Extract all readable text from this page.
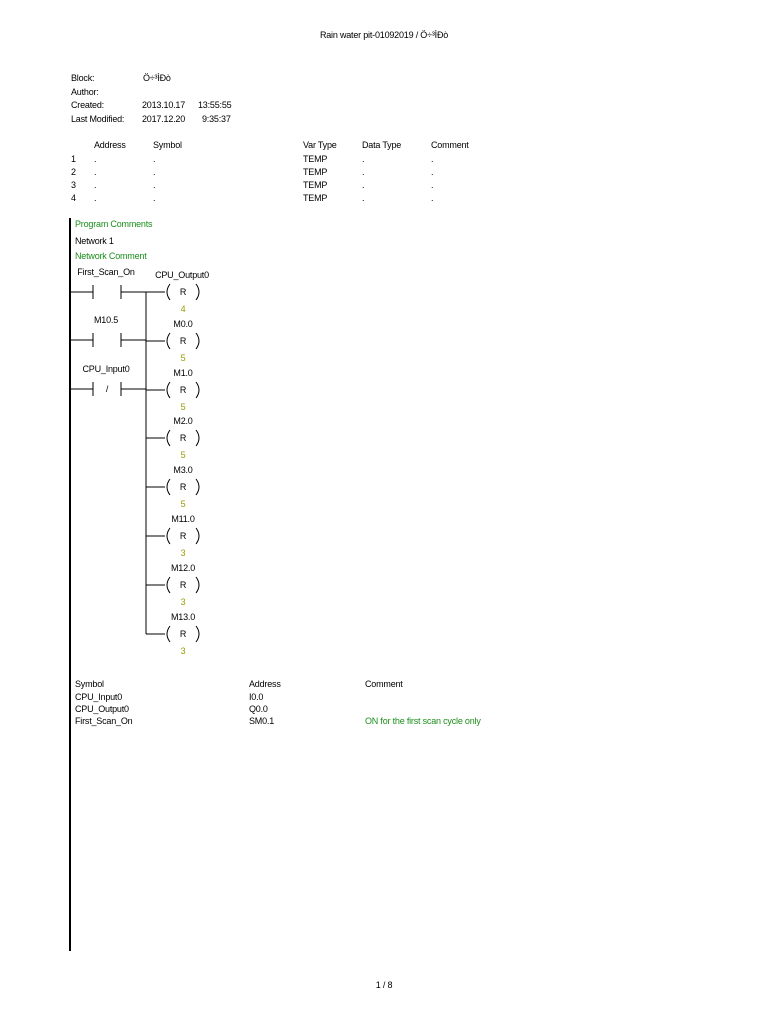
Rain water pit-01092019 / Ö÷³ÌÐò
Block:	Ö÷³ÌÐò
Author:
Created:	2013.10.17 13:55:55
Last Modified: 2017.12.20 9:35:37
Address	Symbol	Var Type	Data Type	Comment
1 .	.	TEMP	.	.
2 .	.	TEMP	.	.
3 .	.	TEMP	.	.
4 .	.	TEMP	.	.
Program Comments
Network 1
Network Comment
First_Scan_On
M10.5
CPU_Input0
/
CPU_Output0
R
4
M0.0
R
5
M1.0
R
5
M2.0
R
5
M3.0
R
5
M11.0
R
3
M12.0
R
3
M13.0
R
3
Symbol	Address	Comment
CPU_Input0	I0.0
CPU_Output0	Q0.0
First_Scan_On	SM0.1	ON for the first scan cycle only
1 / 8
